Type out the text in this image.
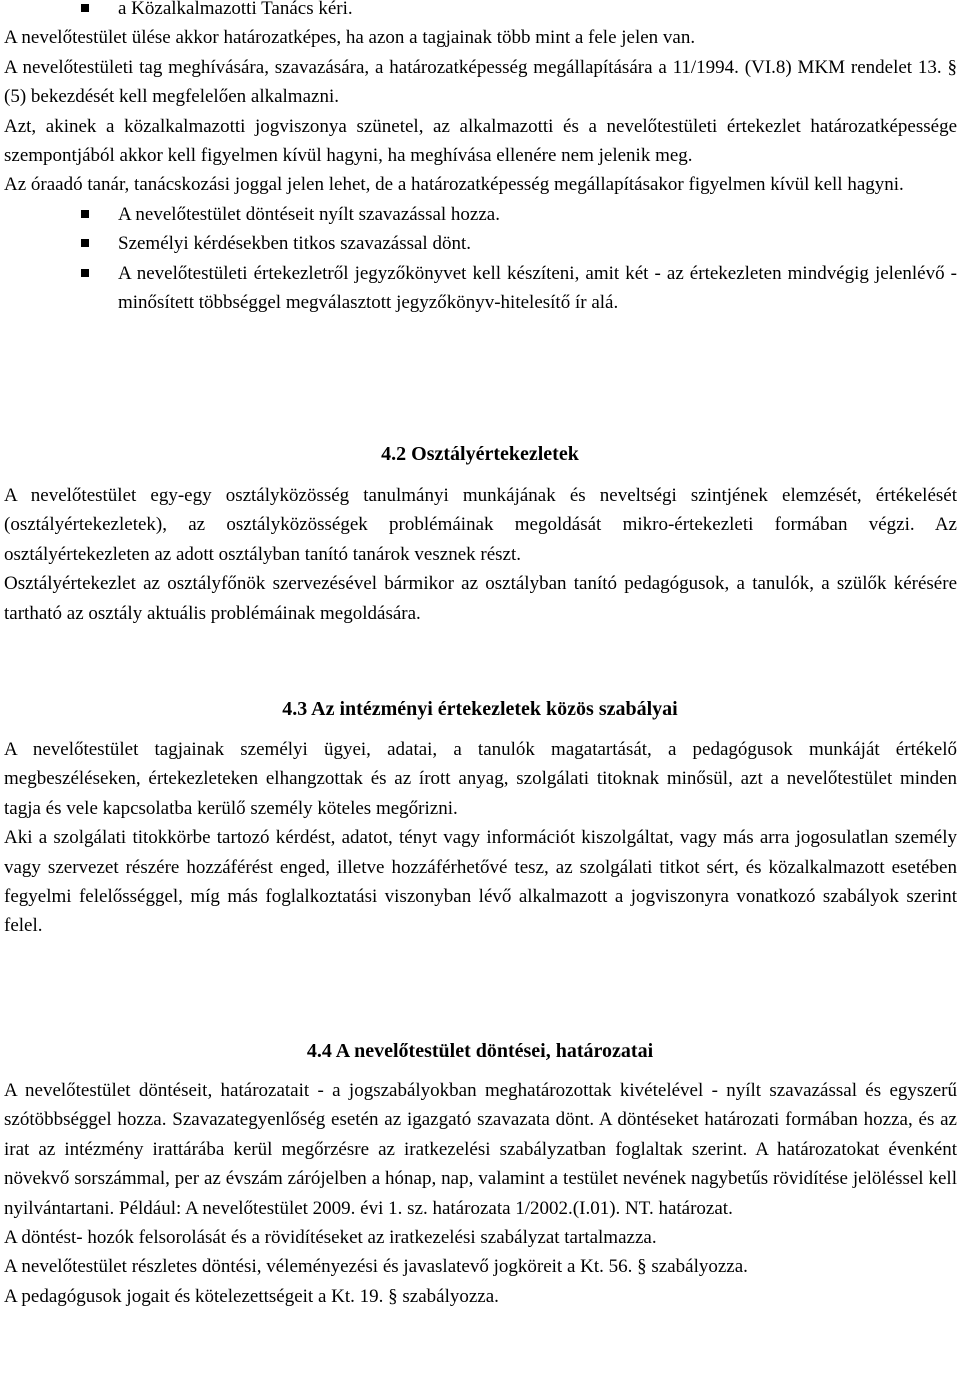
a Közalkalmazotti Tanács kéri.

A nevelőtestület ülése akkor határozatképes, ha azon a tagjainak több mint a fele jelen van.

A nevelőtestületi tag meghívására, szavazására, a határozatképesség megállapítására a 11/1994. (VI.8) MKM rendelet 13. § (5) bekezdését kell megfelelően alkalmazni.

Azt, akinek a közalkalmazotti jogviszonya szünetel, az alkalmazotti és a nevelőtestületi értekezlet határozatképessége szempontjából akkor kell figyelmen kívül hagyni, ha meghívása ellenére nem jelenik meg.

Az óraadó tanár, tanácskozási joggal jelen lehet, de a határozatképesség megállapításakor figyelmen kívül kell hagyni.

A nevelőtestület döntéseit nyílt szavazással hozza.

Személyi kérdésekben titkos szavazással dönt.

A nevelőtestületi értekezletről jegyzőkönyvet kell készíteni, amit két - az értekezleten mindvégig jelenlévő - minősített többséggel megválasztott jegyzőkönyv-hitelesítő ír alá.

4.2 Osztályértekezletek

A nevelőtestület egy-egy osztályközösség tanulmányi munkájának és neveltségi szintjének elemzését, értékelését (osztályértekezletek), az osztályközösségek problémáinak megoldását mikro-értekezleti formában végzi. Az osztályértekezleten az adott osztályban tanító tanárok vesznek részt.

Osztályértekezlet az osztályfőnök szervezésével bármikor az osztályban tanító pedagógusok, a tanulók, a szülők kérésére tartható az osztály aktuális problémáinak megoldására.

4.3 Az intézményi értekezletek közös szabályai

A nevelőtestület tagjainak személyi ügyei, adatai, a tanulók magatartását, a pedagógusok munkáját értékelő megbeszéléseken, értekezleteken elhangzottak és az írott anyag, szolgálati titoknak minősül, azt a nevelőtestület minden tagja és vele kapcsolatba kerülő személy köteles megőrizni.

Aki a szolgálati titokkörbe tartozó kérdést, adatot, tényt vagy információt kiszolgáltat, vagy más arra jogosulatlan személy vagy szervezet részére hozzáférést enged, illetve hozzáférhetővé tesz, az szolgálati titkot sért, és közalkalmazott esetében fegyelmi felelősséggel, míg más foglalkoztatási viszonyban lévő alkalmazott a jogviszonyra vonatkozó szabályok szerint felel.

4.4 A nevelőtestület döntései, határozatai

A nevelőtestület döntéseit, határozatait - a jogszabályokban meghatározottak kivételével - nyílt szavazással és egyszerű szótöbbséggel hozza. Szavazategyenlőség esetén az igazgató szavazata dönt. A döntéseket határozati formában hozza, és az irat az intézmény irattárába kerül megőrzésre az iratkezelési szabályzatban foglaltak szerint. A határozatokat évenként növekvő sorszámmal, per az évszám zárójelben a hónap, nap, valamint a testület nevének nagybetűs rövidítése jelöléssel kell nyilvántartani. Például: A nevelőtestület 2009. évi 1. sz. határozata 1/2002.(I.01). NT. határozat.

A döntést- hozók felsorolását és a rövidítéseket az iratkezelési szabályzat tartalmazza.

A nevelőtestület részletes döntési, véleményezési és javaslatevő jogköreit a Kt. 56. § szabályozza.

A pedagógusok jogait és kötelezettségeit a Kt. 19. § szabályozza.
